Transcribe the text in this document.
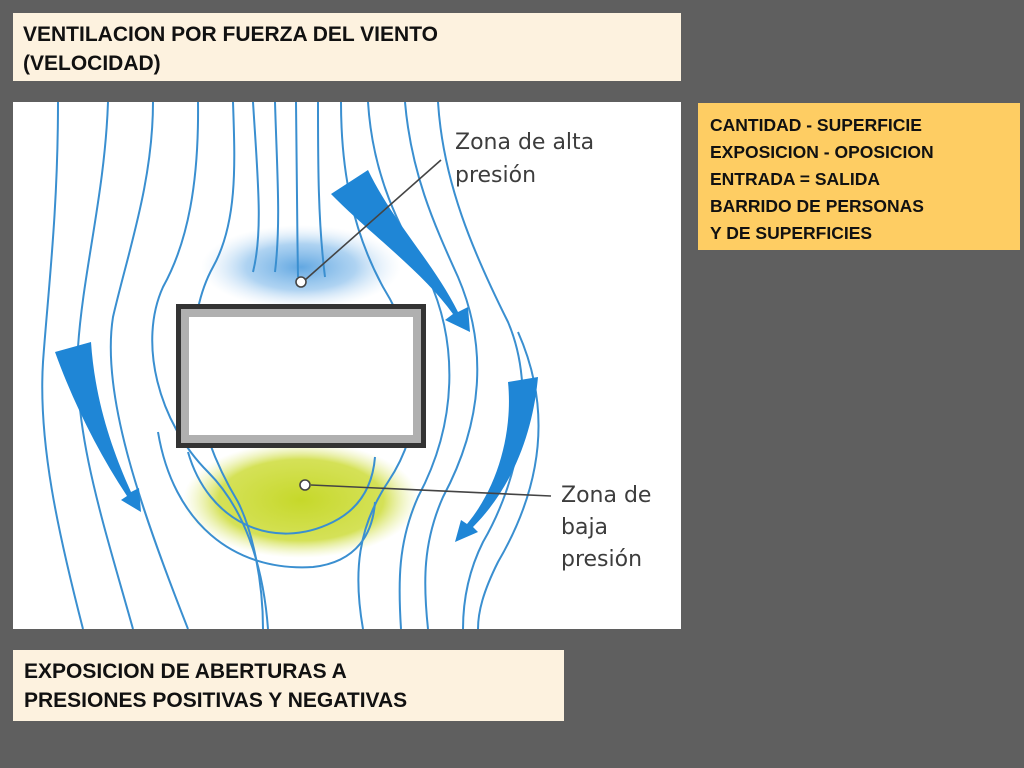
VENTILACION POR FUERZA DEL VIENTO
(VELOCIDAD)
Zona de alta
presión
Zona de
baja
presión
CANTIDAD - SUPERFICIE
EXPOSICION - OPOSICION
ENTRADA = SALIDA
BARRIDO DE PERSONAS
Y DE SUPERFICIES
EXPOSICION DE ABERTURAS A
PRESIONES POSITIVAS Y NEGATIVAS
